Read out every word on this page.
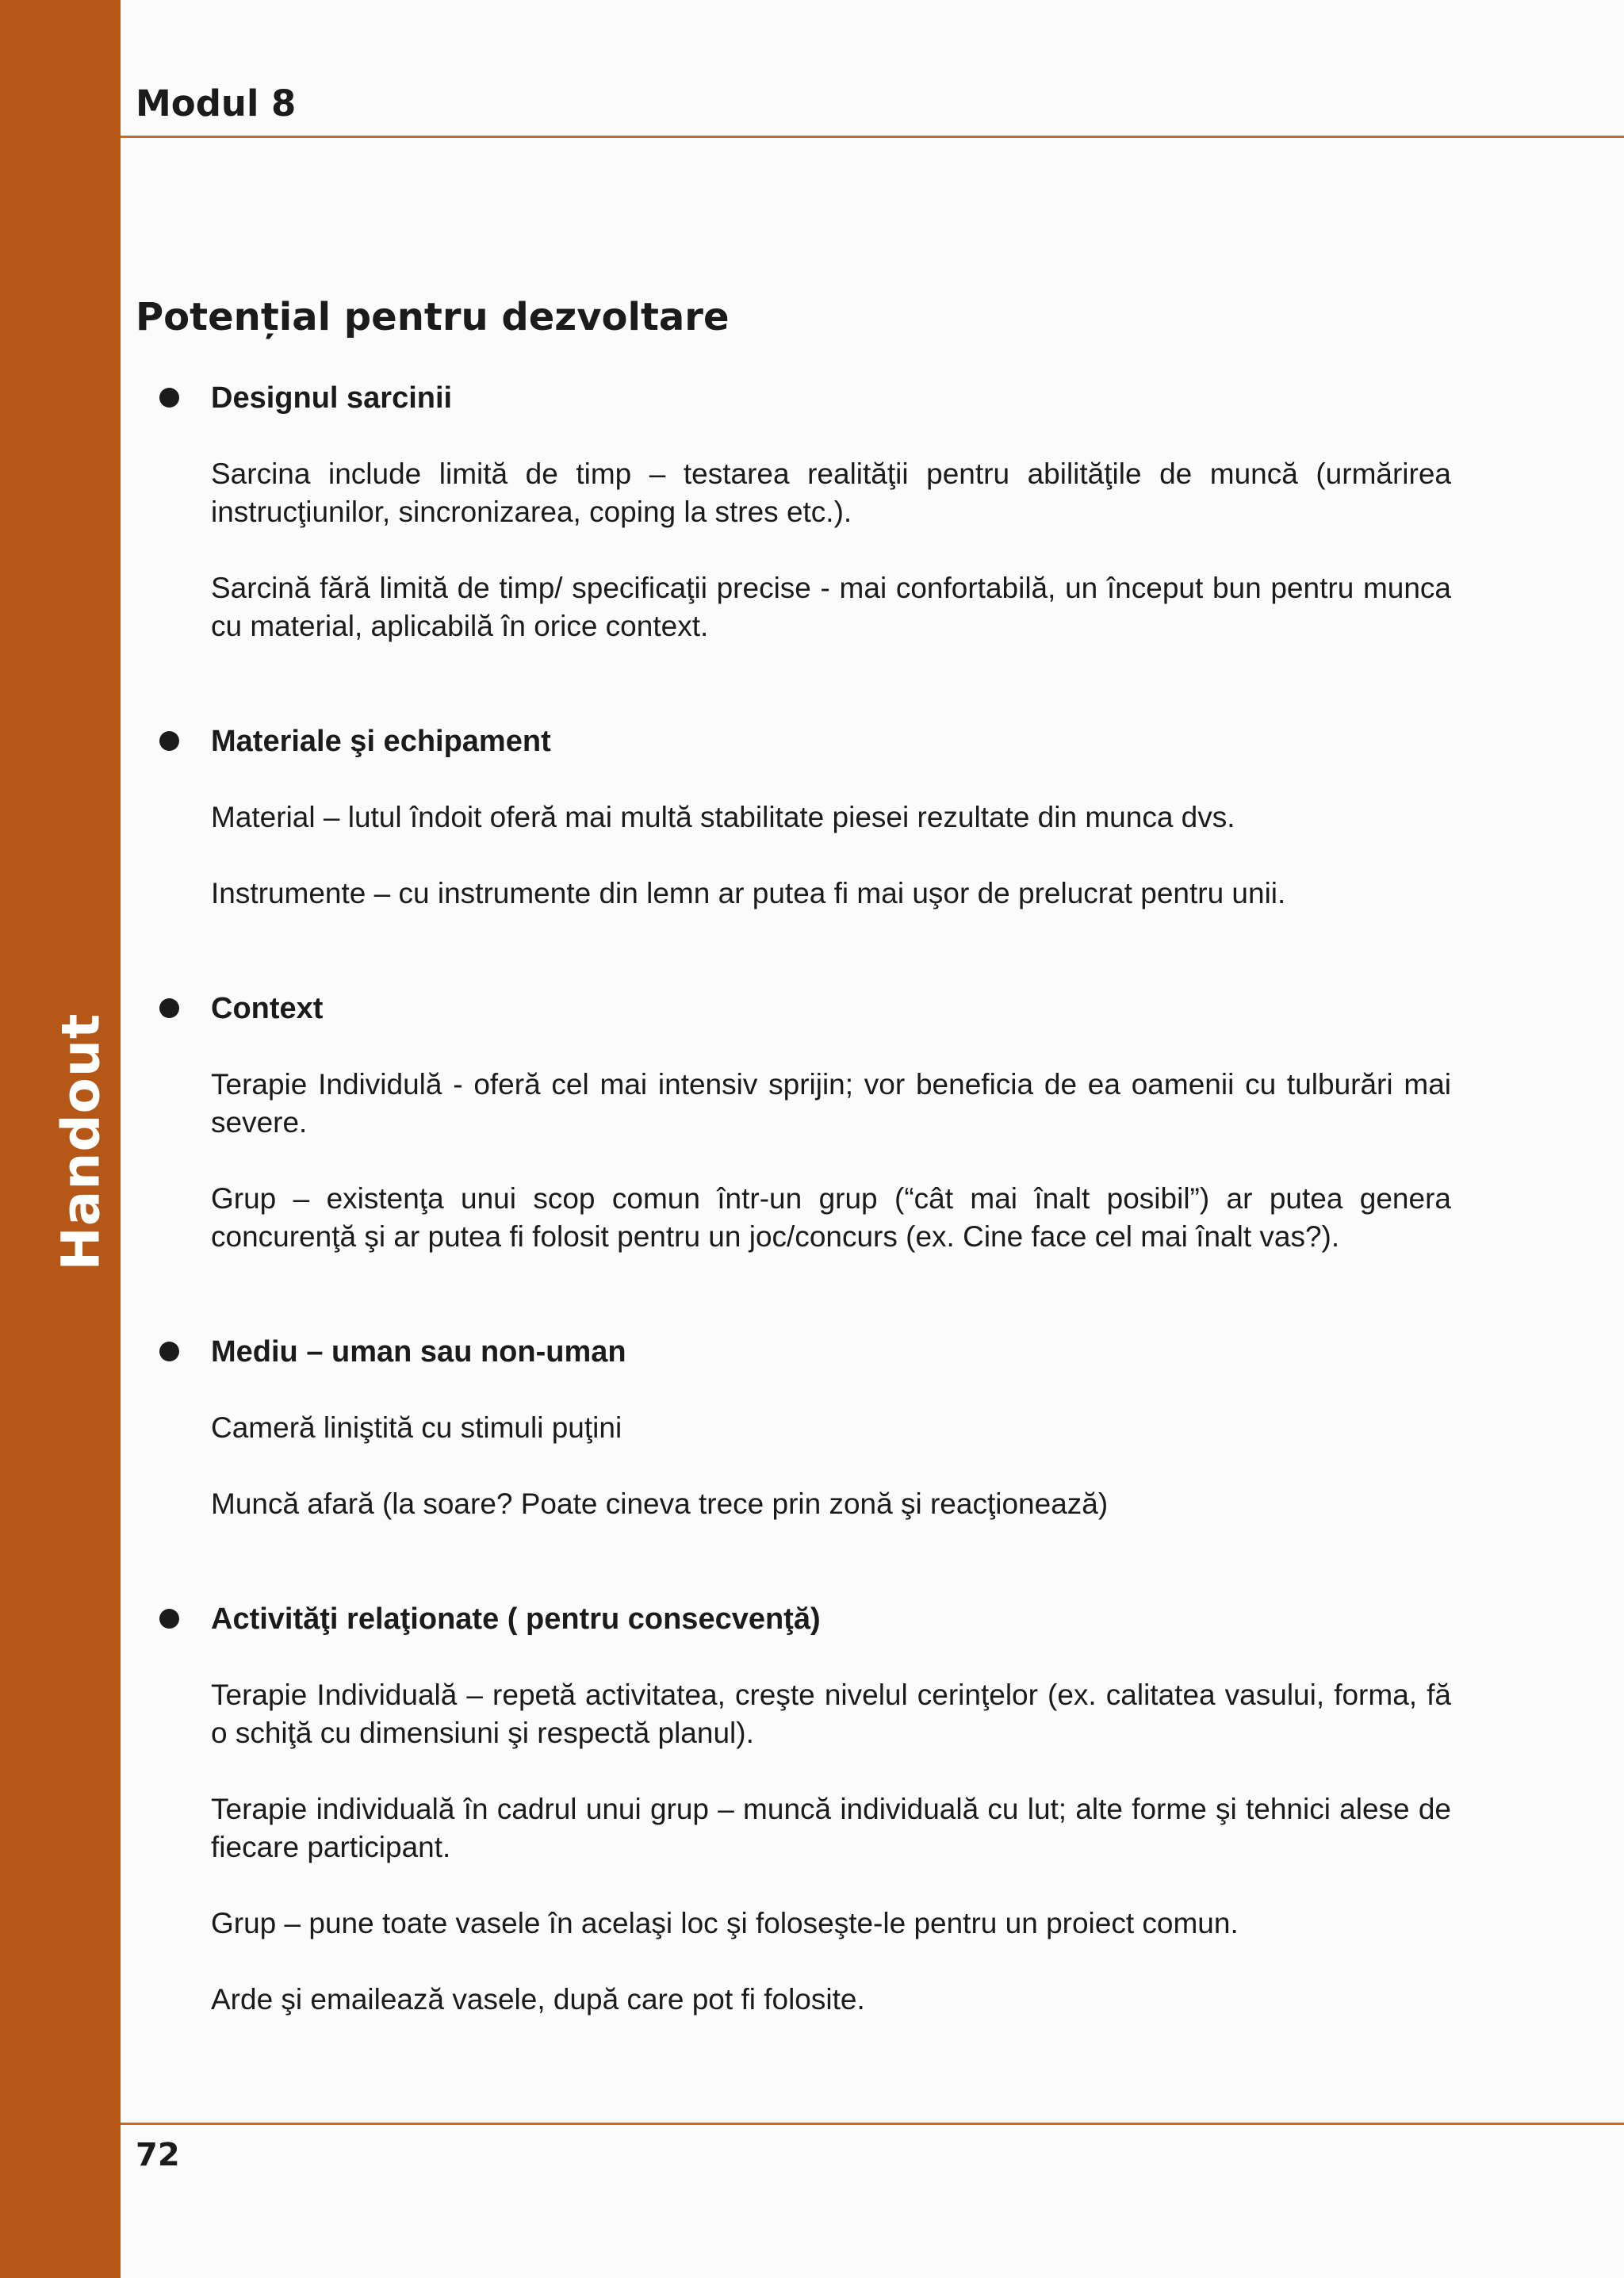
Handout
Modul 8
Potențial pentru dezvoltare
Designul sarcinii
Sarcina include limită de timp – testarea realităţii pentru abilităţile de muncă (urmărirea instrucţiunilor, sincronizarea, coping la stres etc.).
Sarcină fără limită de timp/ specificaţii precise - mai confortabilă, un început bun pentru munca cu material, aplicabilă în orice context.
Materiale şi echipament
Material – lutul îndoit oferă mai multă stabilitate piesei rezultate din munca dvs.
Instrumente – cu instrumente din lemn ar putea fi mai uşor de prelucrat pentru unii.
Context
Terapie Individulă - oferă cel mai intensiv sprijin; vor beneficia de ea oamenii cu tulburări mai severe.
Grup – existenţa unui scop comun într-un grup (“cât mai înalt posibil”) ar putea genera concurenţă şi ar putea fi folosit pentru un joc/concurs (ex. Cine face cel mai înalt vas?).
Mediu – uman sau non-uman
Cameră liniştită cu stimuli puţini
Muncă afară (la soare? Poate cineva trece prin zonă şi reacţionează)
Activităţi relaţionate ( pentru consecvenţă)
Terapie Individuală – repetă activitatea, creşte nivelul cerinţelor (ex. calitatea vasului, forma, fă o schiţă cu dimensiuni şi respectă planul).
Terapie individuală în cadrul unui grup – muncă individuală cu lut; alte forme şi tehnici alese de fiecare participant.
Grup – pune toate vasele în acelaşi loc şi foloseşte-le pentru un proiect comun.
Arde şi emailează vasele, după care pot fi folosite.
72
